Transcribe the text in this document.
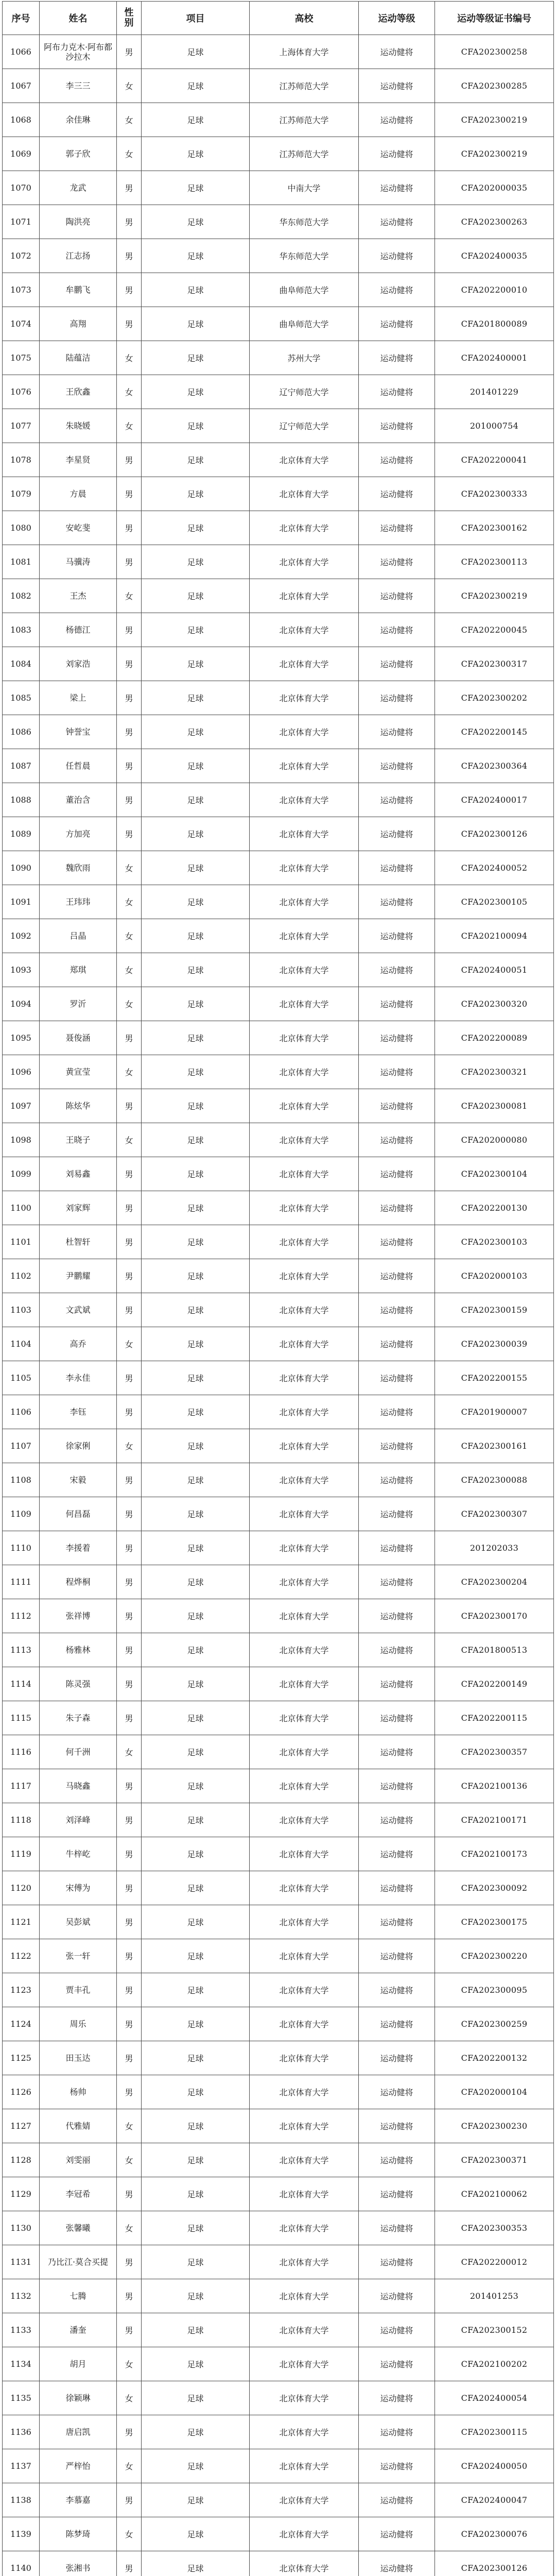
序号	姓名	性别	项目	高校	运动等级	运动等级证书编号
1066	阿布力克木·阿布都沙拉木	男	足球	上海体育大学	运动健将	CFA202300258
1067	李三三	女	足球	江苏师范大学	运动健将	CFA202300285
1068	余佳琳	女	足球	江苏师范大学	运动健将	CFA202300219
1069	郭子欣	女	足球	江苏师范大学	运动健将	CFA202300219
1070	龙武	男	足球	中南大学	运动健将	CFA202000035
1071	陶洪亮	男	足球	华东师范大学	运动健将	CFA202300263
1072	江志扬	男	足球	华东师范大学	运动健将	CFA202400035
1073	牟鹏飞	男	足球	曲阜师范大学	运动健将	CFA202200010
1074	高翔	男	足球	曲阜师范大学	运动健将	CFA201800089
1075	陆蕴洁	女	足球	苏州大学	运动健将	CFA202400001
1076	王欣鑫	女	足球	辽宁师范大学	运动健将	201401229
1077	朱晓媛	女	足球	辽宁师范大学	运动健将	201000754
1078	李星贤	男	足球	北京体育大学	运动健将	CFA202200041
1079	方晨	男	足球	北京体育大学	运动健将	CFA202300333
1080	安屹斐	男	足球	北京体育大学	运动健将	CFA202300162
1081	马骥涛	男	足球	北京体育大学	运动健将	CFA202300113
1082	王杰	女	足球	北京体育大学	运动健将	CFA202300219
1083	杨德江	男	足球	北京体育大学	运动健将	CFA202200045
1084	刘家浩	男	足球	北京体育大学	运动健将	CFA202300317
1085	梁上	男	足球	北京体育大学	运动健将	CFA202300202
1086	钟誉宝	男	足球	北京体育大学	运动健将	CFA202200145
1087	任哲晨	男	足球	北京体育大学	运动健将	CFA202300364
1088	董治含	男	足球	北京体育大学	运动健将	CFA202400017
1089	方加亮	男	足球	北京体育大学	运动健将	CFA202300126
1090	魏欣雨	女	足球	北京体育大学	运动健将	CFA202400052
1091	王玮玮	女	足球	北京体育大学	运动健将	CFA202300105
1092	吕晶	女	足球	北京体育大学	运动健将	CFA202100094
1093	郑琪	女	足球	北京体育大学	运动健将	CFA202400051
1094	罗沂	女	足球	北京体育大学	运动健将	CFA202300320
1095	聂俊涵	男	足球	北京体育大学	运动健将	CFA202200089
1096	黄宣莹	女	足球	北京体育大学	运动健将	CFA202300321
1097	陈炫华	男	足球	北京体育大学	运动健将	CFA202300081
1098	王晓子	女	足球	北京体育大学	运动健将	CFA202000080
1099	刘易鑫	男	足球	北京体育大学	运动健将	CFA202300104
1100	刘家辉	男	足球	北京体育大学	运动健将	CFA202200130
1101	杜智轩	男	足球	北京体育大学	运动健将	CFA202300103
1102	尹鹏耀	男	足球	北京体育大学	运动健将	CFA202000103
1103	文武斌	男	足球	北京体育大学	运动健将	CFA202300159
1104	高乔	女	足球	北京体育大学	运动健将	CFA202300039
1105	李永佳	男	足球	北京体育大学	运动健将	CFA202200155
1106	李钰	男	足球	北京体育大学	运动健将	CFA201900007
1107	徐家俐	女	足球	北京体育大学	运动健将	CFA202300161
1108	宋毅	男	足球	北京体育大学	运动健将	CFA202300088
1109	何昌磊	男	足球	北京体育大学	运动健将	CFA202300307
1110	李援着	男	足球	北京体育大学	运动健将	201202033
1111	程烨桐	男	足球	北京体育大学	运动健将	CFA202300204
1112	张祥博	男	足球	北京体育大学	运动健将	CFA202300170
1113	杨雅林	男	足球	北京体育大学	运动健将	CFA201800513
1114	陈灵强	男	足球	北京体育大学	运动健将	CFA202200149
1115	朱子森	男	足球	北京体育大学	运动健将	CFA202200115
1116	何千洲	女	足球	北京体育大学	运动健将	CFA202300357
1117	马晓鑫	男	足球	北京体育大学	运动健将	CFA202100136
1118	刘泽峰	男	足球	北京体育大学	运动健将	CFA202100171
1119	牛梓屹	男	足球	北京体育大学	运动健将	CFA202100173
1120	宋傅为	男	足球	北京体育大学	运动健将	CFA202300092
1121	吴彭斌	男	足球	北京体育大学	运动健将	CFA202300175
1122	张一轩	男	足球	北京体育大学	运动健将	CFA202300220
1123	贾丰孔	男	足球	北京体育大学	运动健将	CFA202300095
1124	周乐	男	足球	北京体育大学	运动健将	CFA202300259
1125	田玉达	男	足球	北京体育大学	运动健将	CFA202200132
1126	杨帅	男	足球	北京体育大学	运动健将	CFA202000104
1127	代雅婧	女	足球	北京体育大学	运动健将	CFA202300230
1128	刘雯丽	女	足球	北京体育大学	运动健将	CFA202300371
1129	李冠希	男	足球	北京体育大学	运动健将	CFA202100062
1130	张馨曦	女	足球	北京体育大学	运动健将	CFA202300353
1131	乃比江·莫合买提	男	足球	北京体育大学	运动健将	CFA202200012
1132	七腾	男	足球	北京体育大学	运动健将	201401253
1133	潘奎	男	足球	北京体育大学	运动健将	CFA202300152
1134	胡月	女	足球	北京体育大学	运动健将	CFA202100202
1135	徐颖琳	女	足球	北京体育大学	运动健将	CFA202400054
1136	唐启凯	男	足球	北京体育大学	运动健将	CFA202300115
1137	严梓怡	女	足球	北京体育大学	运动健将	CFA202400050
1138	李慕嘉	男	足球	北京体育大学	运动健将	CFA202400047
1139	陈梦琦	女	足球	北京体育大学	运动健将	CFA202300076
1140	张湘书	男	足球	北京体育大学	运动健将	CFA202300126
